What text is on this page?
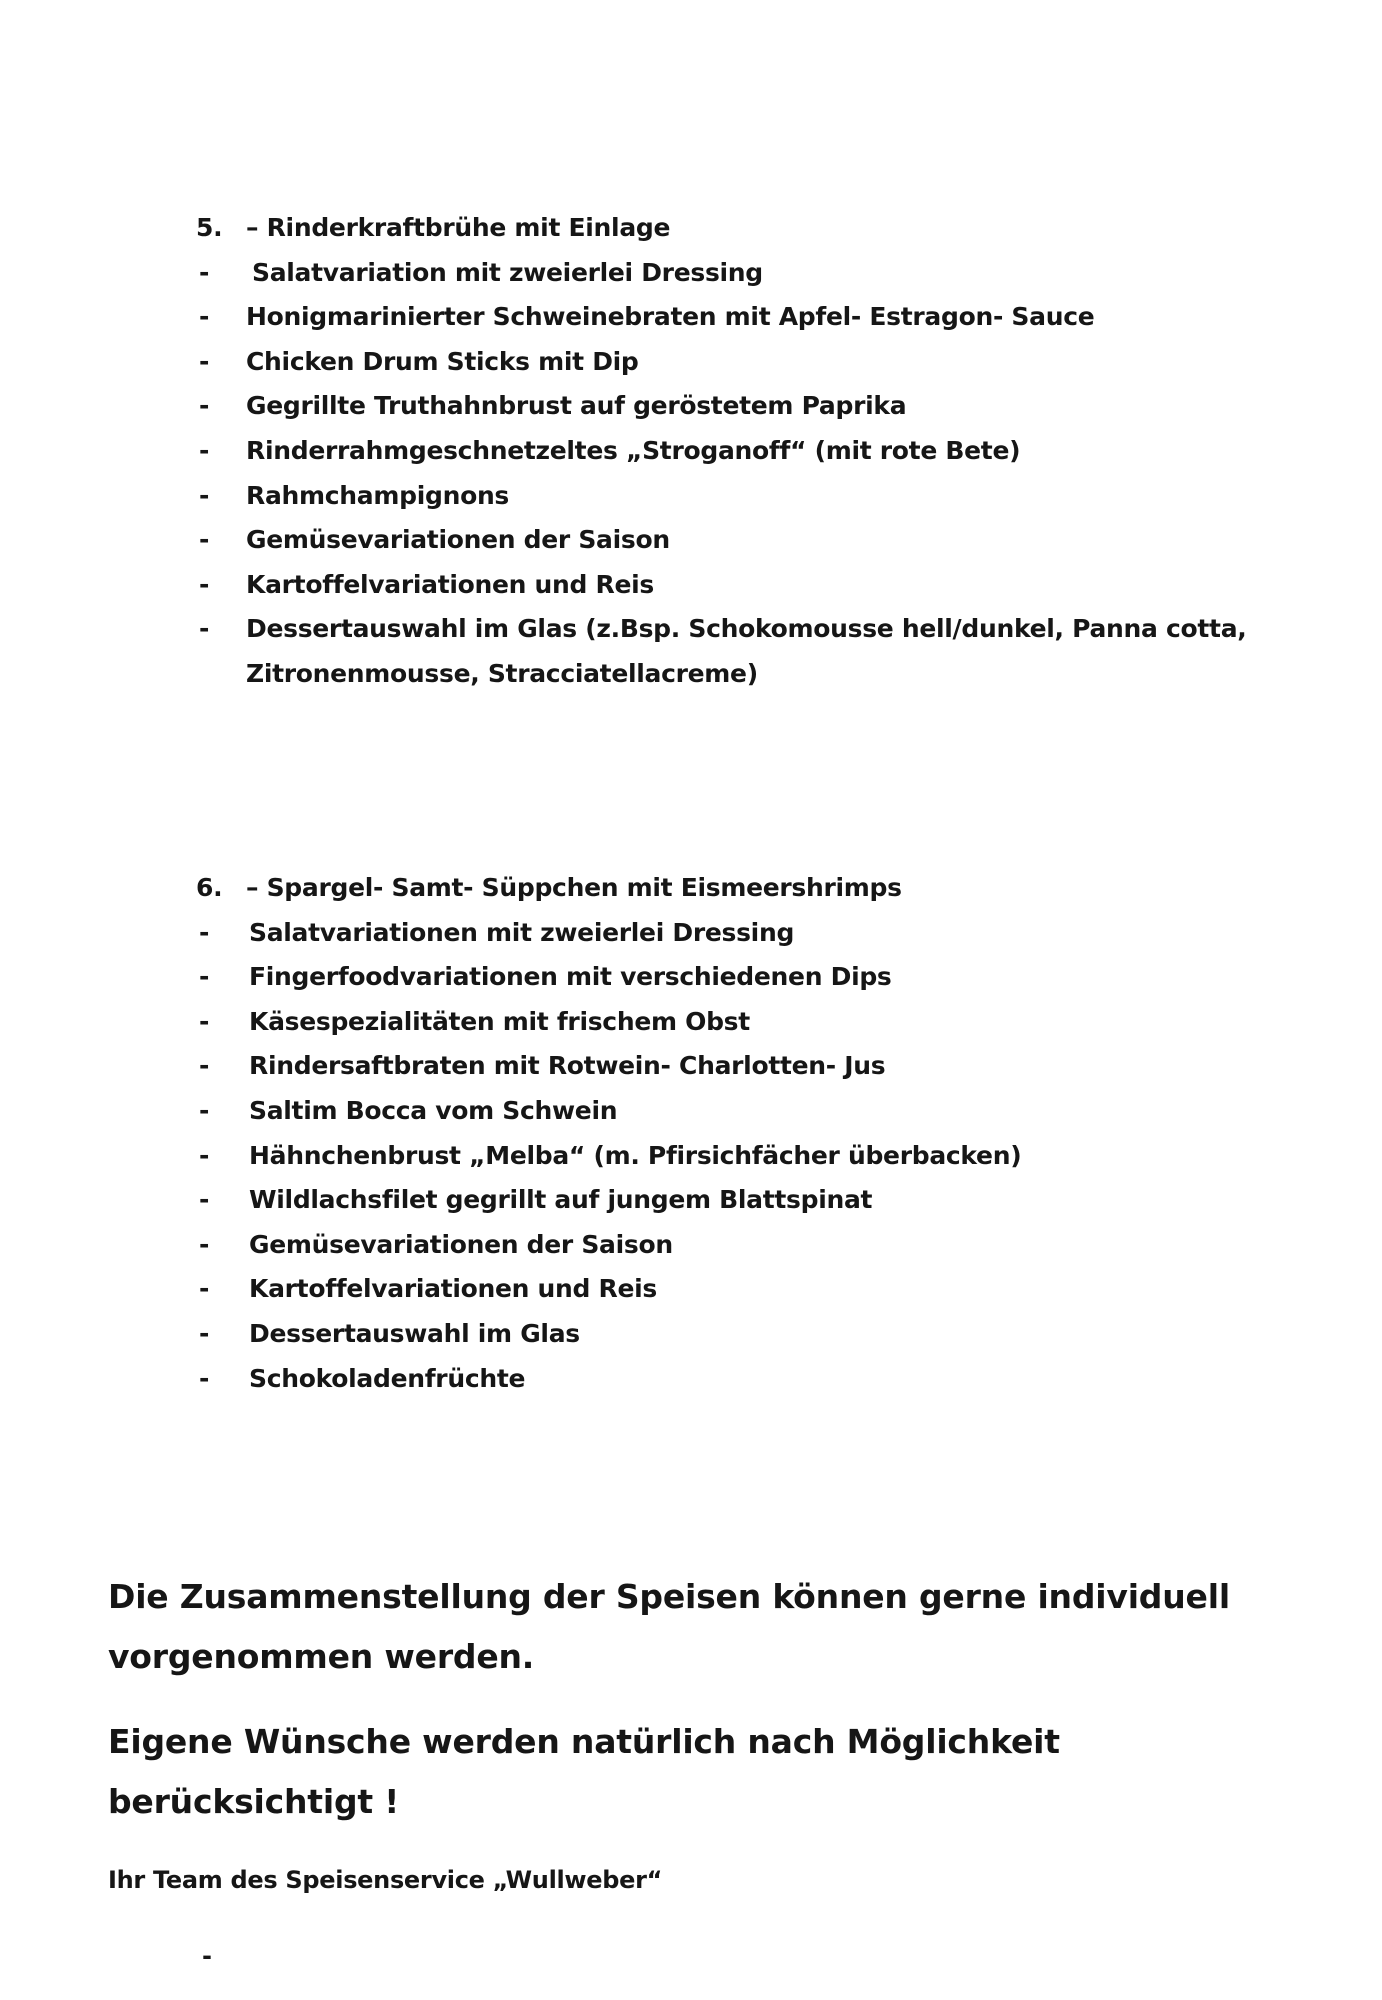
5. – Rinderkraftbrühe mit Einlage
- Salatvariation mit zweierlei Dressing
- Honigmarinierter Schweinebraten mit Apfel- Estragon- Sauce
- Chicken Drum Sticks mit Dip
- Gegrillte Truthahnbrust auf geröstetem Paprika
- Rinderrahmgeschnetzeltes „Stroganoff“ (mit rote Bete)
- Rahmchampignons
- Gemüsevariationen der Saison
- Kartoffelvariationen und Reis
- Dessertauswahl im Glas (z.Bsp. Schokomousse hell/dunkel, Panna cotta,
Zitronenmousse, Stracciatellacreme)
6. – Spargel- Samt- Süppchen mit Eismeershrimps
- Salatvariationen mit zweierlei Dressing
- Fingerfoodvariationen mit verschiedenen Dips
- Käsespezialitäten mit frischem Obst
- Rindersaftbraten mit Rotwein- Charlotten- Jus
- Saltim Bocca vom Schwein
- Hähnchenbrust „Melba“ (m. Pfirsichfächer überbacken)
- Wildlachsfilet gegrillt auf jungem Blattspinat
- Gemüsevariationen der Saison
- Kartoffelvariationen und Reis
- Dessertauswahl im Glas
- Schokoladenfrüchte

Die Zusammenstellung der Speisen können gerne individuell vorgenommen werden.

Eigene Wünsche werden natürlich nach Möglichkeit berücksichtigt !

Ihr Team des Speisenservice „Wullweber“

-
